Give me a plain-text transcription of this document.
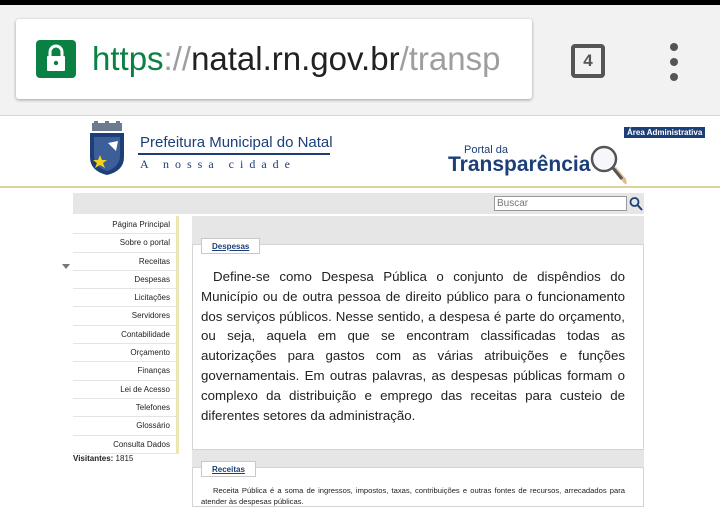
https://natal.rn.gov.br/transp	4
Prefeitura Municipal do Natal
A nossa cidade
Área Administrativa
Portal da
Transparência
Buscar
Página Principal
Sobre o portal
Receitas
Despesas
Licitações
Servidores
Contabilidade
Orçamento
Finanças
Lei de Acesso
Telefones
Glossário
Consulta Dados
Visitantes: 1815
Despesas
Define-se como Despesa Pública o conjunto de dispêndios do Município ou de outra pessoa de direito público para o funcionamento dos serviços públicos. Nesse sentido, a despesa é parte do orçamento, ou seja, aquela em que se encontram classificadas todas as autorizações para gastos com as várias atribuições e funções governamentais. Em outras palavras, as despesas públicas formam o complexo da distribuição e emprego das receitas para custeio de diferentes setores da administração.
Receitas
Receita Pública é a soma de ingressos, impostos, taxas, contribuições e outras fontes de recursos, arrecadados para atender às despesas públicas.
